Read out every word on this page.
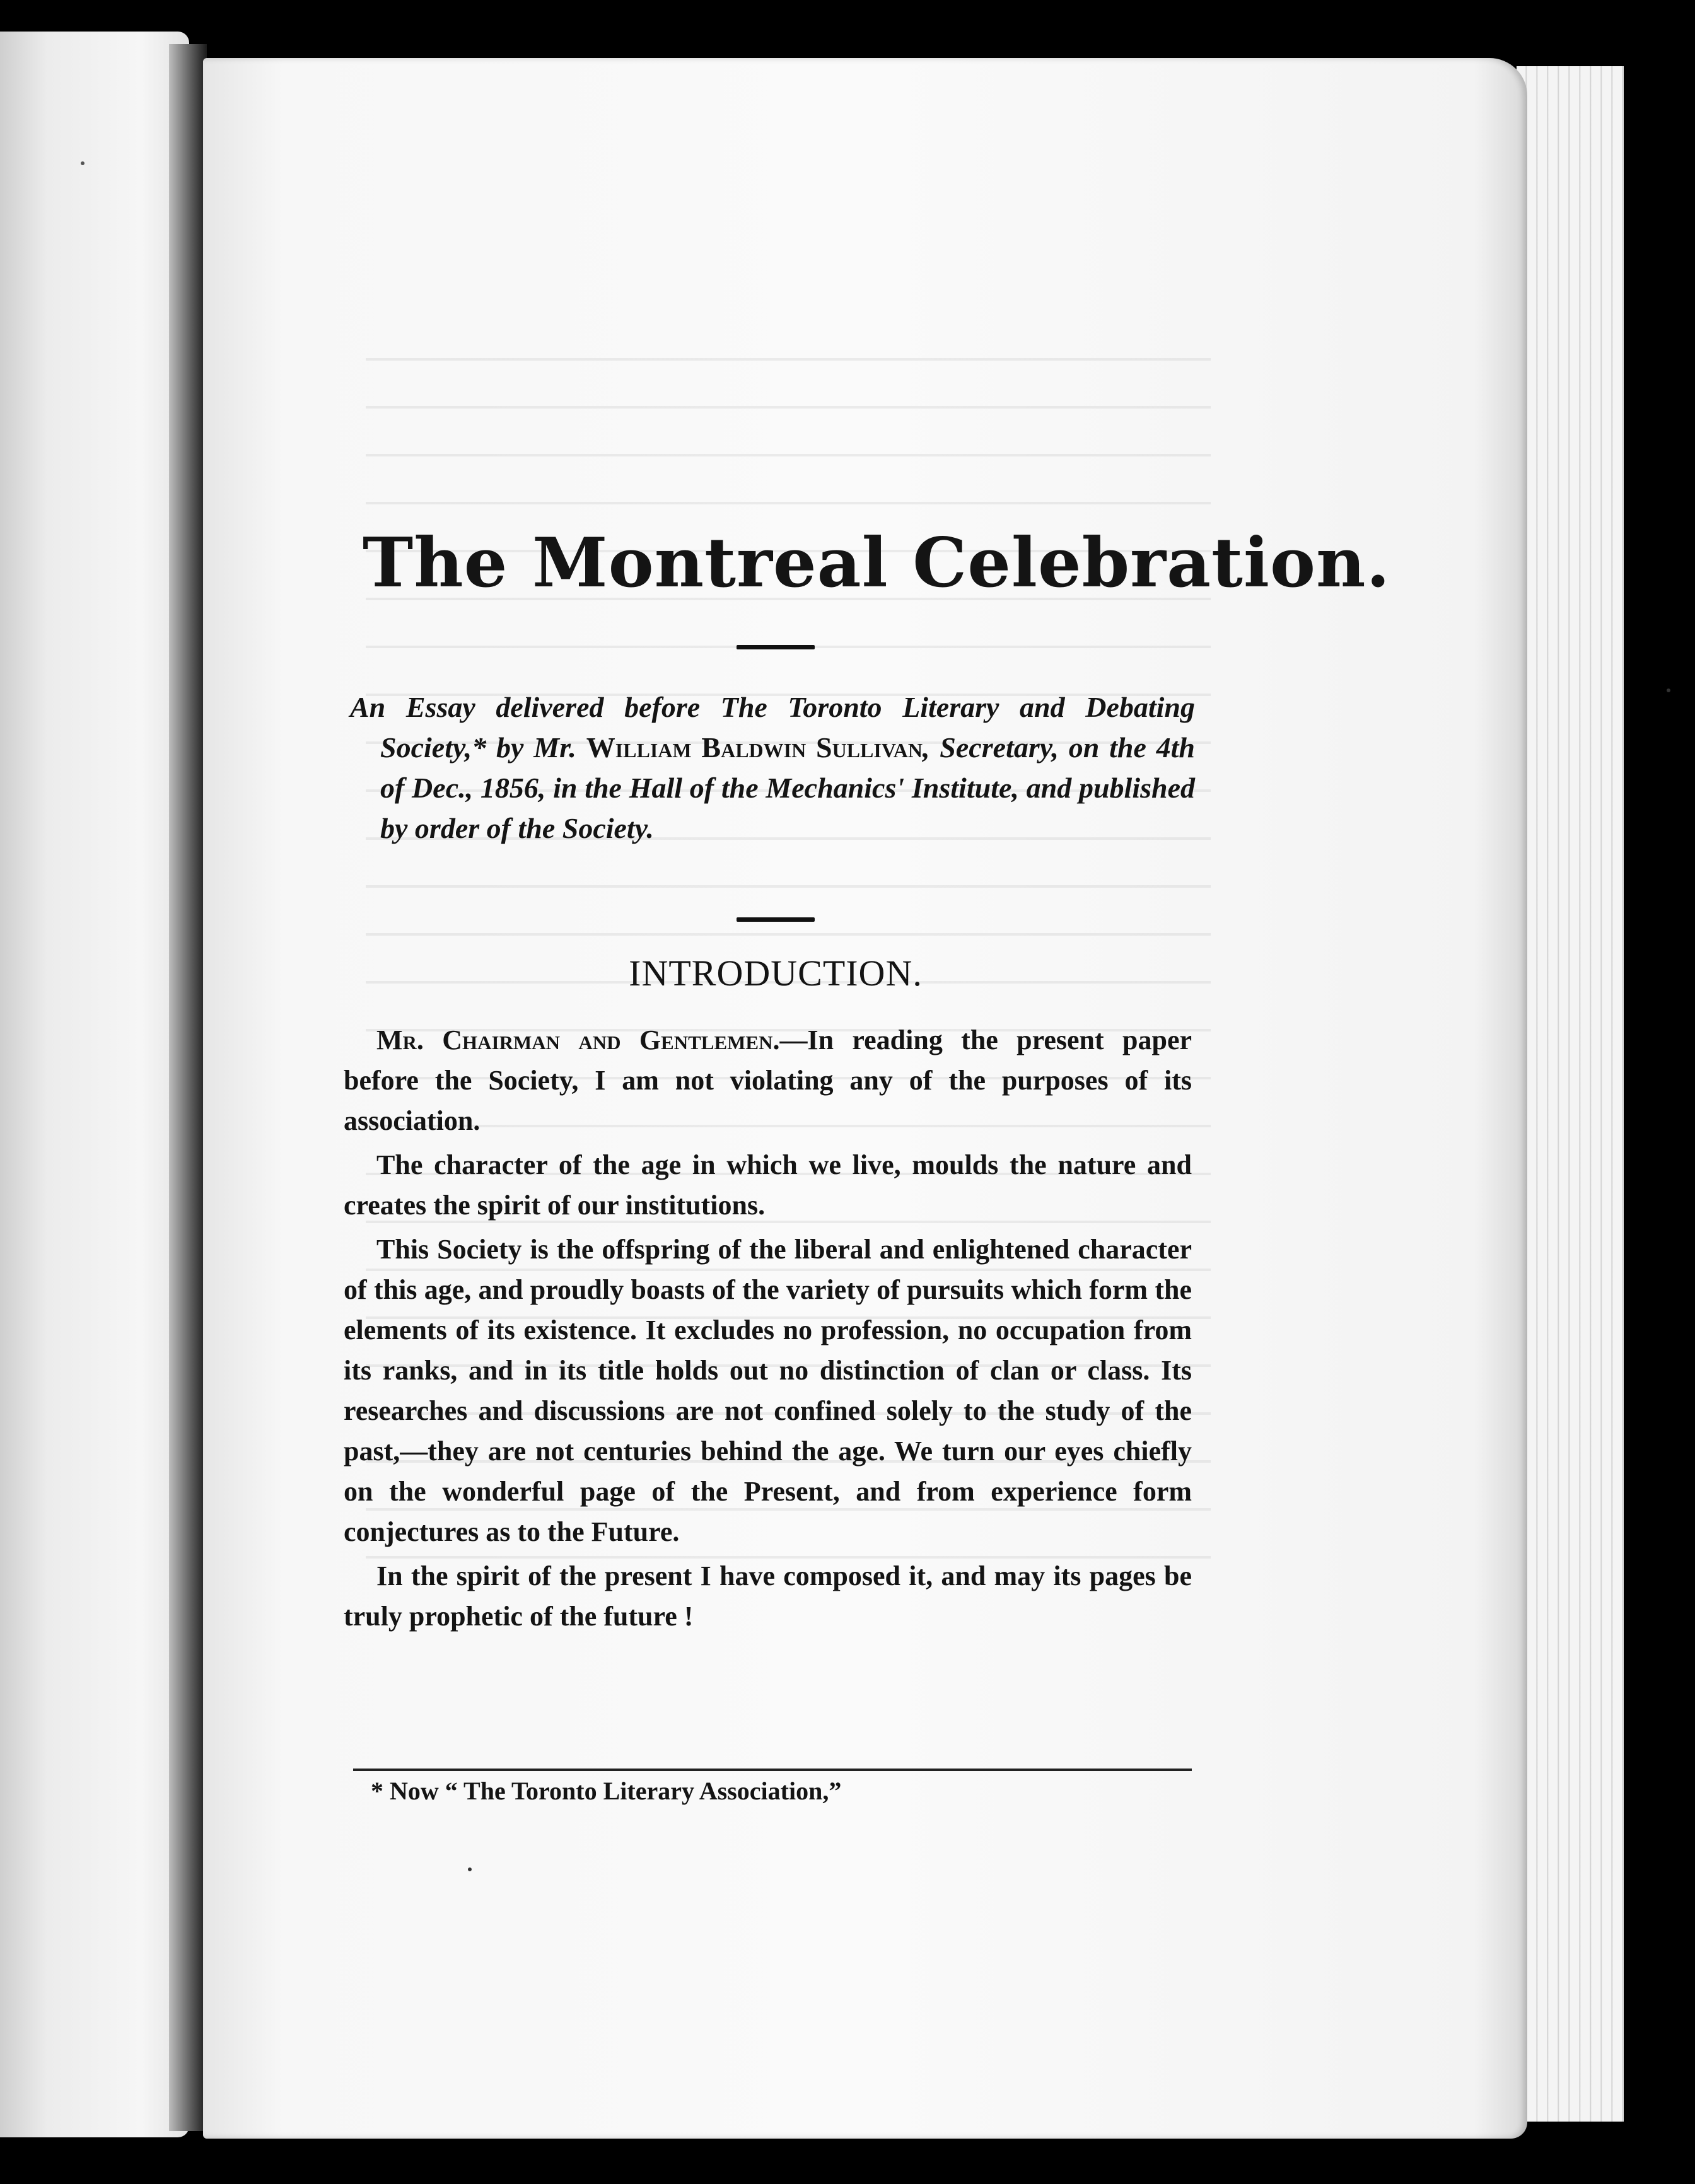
The Montreal Celebration.

An Essay delivered before The Toronto Literary and Debating Society,* by Mr. William Baldwin Sullivan, Secretary, on the 4th of Dec., 1856, in the Hall of the Mechanics' Institute, and published by order of the Society.

INTRODUCTION.

Mr. Chairman and Gentlemen.—In reading the present paper before the Society, I am not violating any of the purposes of its association.

The character of the age in which we live, moulds the nature and creates the spirit of our institutions.

This Society is the offspring of the liberal and enlightened character of this age, and proudly boasts of the variety of pursuits which form the elements of its existence. It excludes no profession, no occupation from its ranks, and in its title holds out no distinction of clan or class. Its researches and discussions are not confined solely to the study of the past,—they are not centuries behind the age. We turn our eyes chiefly on the wonderful page of the Present, and from experience form conjectures as to the Future.

In the spirit of the present I have composed it, and may its pages be truly prophetic of the future !

* Now “ The Toronto Literary Association,”
